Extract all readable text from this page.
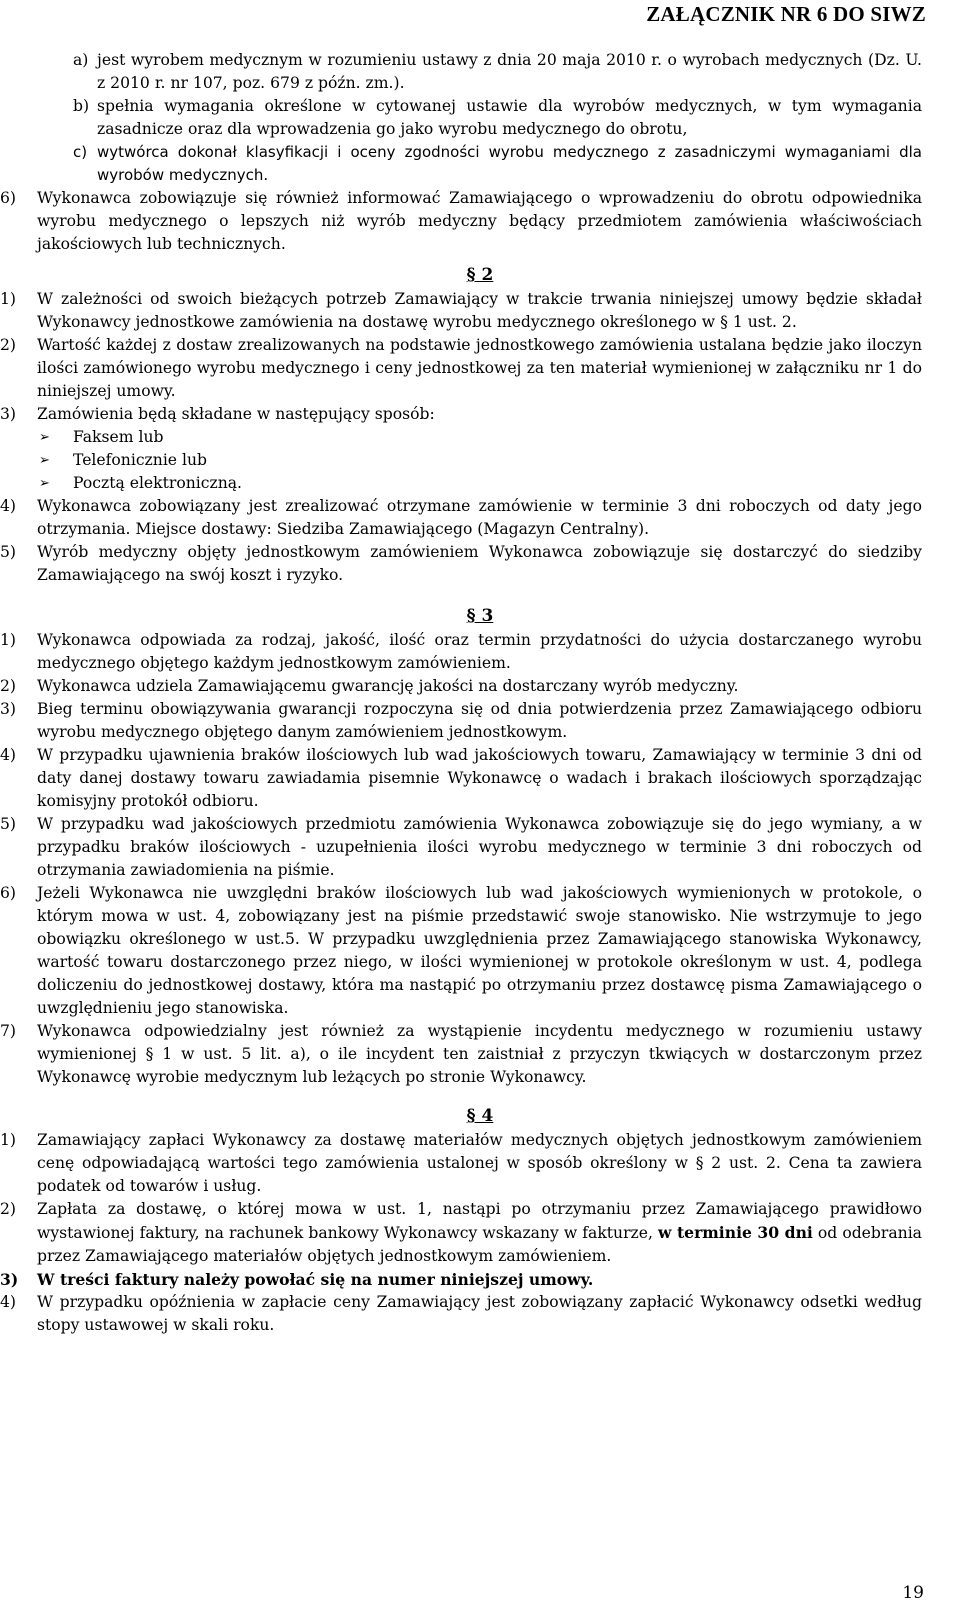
ZAŁĄCZNIK NR 6 DO SIWZ
a) jest wyrobem medycznym w rozumieniu ustawy z dnia 20 maja 2010 r. o wyrobach medycznych (Dz. U. z 2010 r. nr 107, poz. 679 z późn. zm.).
b) spełnia wymagania określone w cytowanej ustawie dla wyrobów medycznych, w tym wymagania zasadnicze oraz dla wprowadzenia go jako wyrobu medycznego do obrotu,
c) wytwórca dokonał klasyfikacji i oceny zgodności wyrobu medycznego z zasadniczymi wymaganiami dla wyrobów medycznych.
6) Wykonawca zobowiązuje się również informować Zamawiającego o wprowadzeniu do obrotu odpowiednika wyrobu medycznego o lepszych niż wyrób medyczny będący przedmiotem zamówienia właściwościach jakościowych lub technicznych.
§ 2
1) W zależności od swoich bieżących potrzeb Zamawiający w trakcie trwania niniejszej umowy będzie składał Wykonawcy jednostkowe zamówienia na dostawę wyrobu medycznego określonego w § 1 ust. 2.
2) Wartość każdej z dostaw zrealizowanych na podstawie jednostkowego zamówienia ustalana będzie jako iloczyn ilości zamówionego wyrobu medycznego i ceny jednostkowej za ten materiał wymienionej w załączniku nr 1 do niniejszej umowy.
3) Zamówienia będą składane w następujący sposób:
➢ Faksem lub
➢ Telefonicznie lub
➢ Pocztą elektroniczną.
4) Wykonawca zobowiązany jest zrealizować otrzymane zamówienie w terminie 3 dni roboczych od daty jego otrzymania. Miejsce dostawy: Siedziba Zamawiającego (Magazyn Centralny).
5) Wyrób medyczny objęty jednostkowym zamówieniem Wykonawca zobowiązuje się dostarczyć do siedziby Zamawiającego na swój koszt i ryzyko.
§ 3
1) Wykonawca odpowiada za rodzaj, jakość, ilość oraz termin przydatności do użycia dostarczanego wyrobu medycznego objętego każdym jednostkowym zamówieniem.
2) Wykonawca udziela Zamawiającemu gwarancję jakości na dostarczany wyrób medyczny.
3) Bieg terminu obowiązywania gwarancji rozpoczyna się od dnia potwierdzenia przez Zamawiającego odbioru wyrobu medycznego objętego danym zamówieniem jednostkowym.
4) W przypadku ujawnienia braków ilościowych lub wad jakościowych towaru, Zamawiający w terminie 3 dni od daty danej dostawy towaru zawiadamia pisemnie Wykonawcę o wadach i brakach ilościowych sporządzając komisyjny protokół odbioru.
5) W przypadku wad jakościowych przedmiotu zamówienia Wykonawca zobowiązuje się do jego wymiany, a w przypadku braków ilościowych - uzupełnienia ilości wyrobu medycznego w terminie 3 dni roboczych od otrzymania zawiadomienia na piśmie.
6) Jeżeli Wykonawca nie uwzględni braków ilościowych lub wad jakościowych wymienionych w protokole, o którym mowa w ust. 4, zobowiązany jest na piśmie przedstawić swoje stanowisko. Nie wstrzymuje to jego obowiązku określonego w ust.5. W przypadku uwzględnienia przez Zamawiającego stanowiska Wykonawcy, wartość towaru dostarczonego przez niego, w ilości wymienionej w protokole określonym w ust. 4, podlega doliczeniu do jednostkowej dostawy, która ma nastąpić po otrzymaniu przez dostawcę pisma Zamawiającego o uwzględnieniu jego stanowiska.
7) Wykonawca odpowiedzialny jest również za wystąpienie incydentu medycznego w rozumieniu ustawy wymienionej § 1 w ust. 5 lit. a), o ile incydent ten zaistniał z przyczyn tkwiących w dostarczonym przez Wykonawcę wyrobie medycznym lub leżących po stronie Wykonawcy.
§ 4
1) Zamawiający zapłaci Wykonawcy za dostawę materiałów medycznych objętych jednostkowym zamówieniem cenę odpowiadającą wartości tego zamówienia ustalonej w sposób określony w § 2 ust. 2. Cena ta zawiera podatek od towarów i usług.
2) Zapłata za dostawę, o której mowa w ust. 1, nastąpi po otrzymaniu przez Zamawiającego prawidłowo wystawionej faktury, na rachunek bankowy Wykonawcy wskazany w fakturze, w terminie 30 dni od odebrania przez Zamawiającego materiałów objętych jednostkowym zamówieniem.
3) W treści faktury należy powołać się na numer niniejszej umowy.
4) W przypadku opóźnienia w zapłacie ceny Zamawiający jest zobowiązany zapłacić Wykonawcy odsetki według stopy ustawowej w skali roku.
19
